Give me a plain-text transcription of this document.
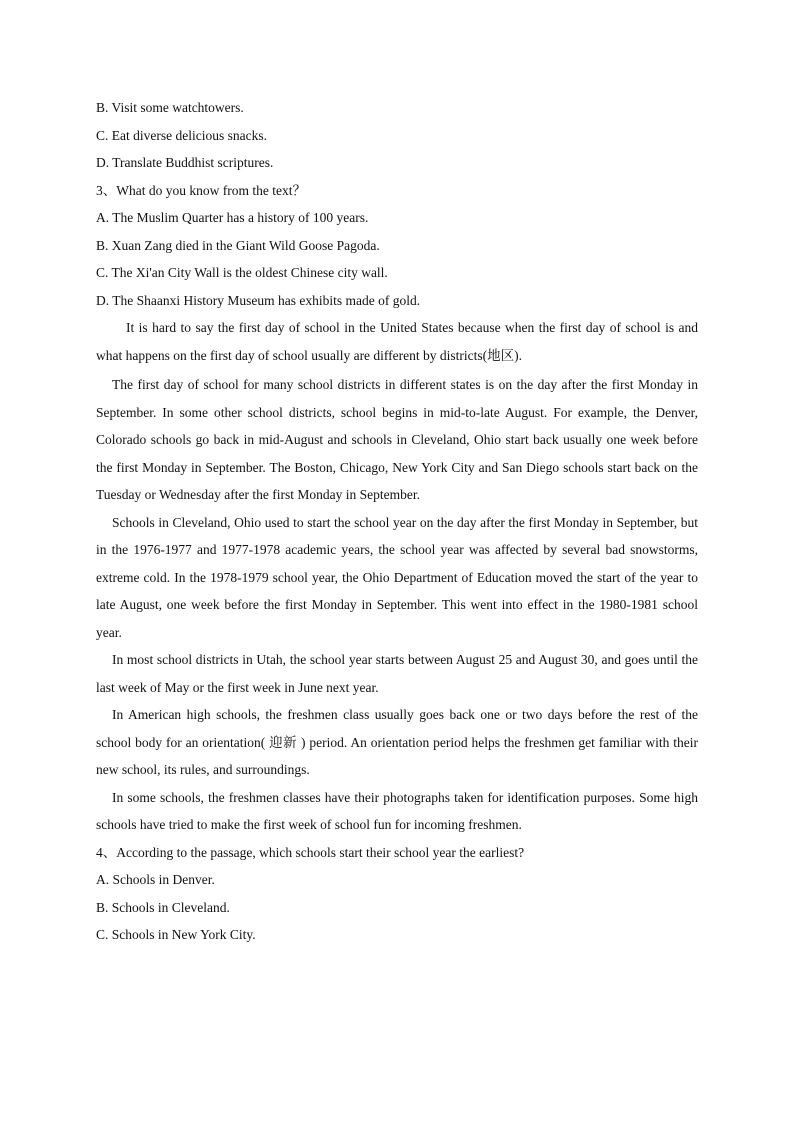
B. Visit some watchtowers.
C. Eat diverse delicious snacks.
D. Translate Buddhist scriptures.
3、What do you know from the text？
A. The Muslim Quarter has a history of 100 years.
B. Xuan Zang died in the Giant Wild Goose Pagoda.
C. The Xi'an City Wall is the oldest Chinese city wall.
D. The Shaanxi History Museum has exhibits made of gold.

It is hard to say the first day of school in the United States because when the first day of school is and what happens on the first day of school usually are different by districts(地区).

The first day of school for many school districts in different states is on the day after the first Monday in September. In some other school districts, school begins in mid-to-late August. For example, the Denver, Colorado schools go back in mid-August and schools in Cleveland, Ohio start back usually one week before the first Monday in September. The Boston, Chicago, New York City and San Diego schools start back on the Tuesday or Wednesday after the first Monday in September.

Schools in Cleveland, Ohio used to start the school year on the day after the first Monday in September, but in the 1976-1977 and 1977-1978 academic years, the school year was affected by several bad snowstorms, extreme cold. In the 1978-1979 school year, the Ohio Department of Education moved the start of the year to late August, one week before the first Monday in September. This went into effect in the 1980-1981 school year.

In most school districts in Utah, the school year starts between August 25 and August 30, and goes until the last week of May or the first week in June next year.

In American high schools, the freshmen class usually goes back one or two days before the rest of the school body for an orientation( 迎新 ) period. An orientation period helps the freshmen get familiar with their new school, its rules, and surroundings.

In some schools, the freshmen classes have their photographs taken for identification purposes. Some high schools have tried to make the first week of school fun for incoming freshmen.

4、According to the passage, which schools start their school year the earliest?
A. Schools in Denver.
B. Schools in Cleveland.
C. Schools in New York City.
